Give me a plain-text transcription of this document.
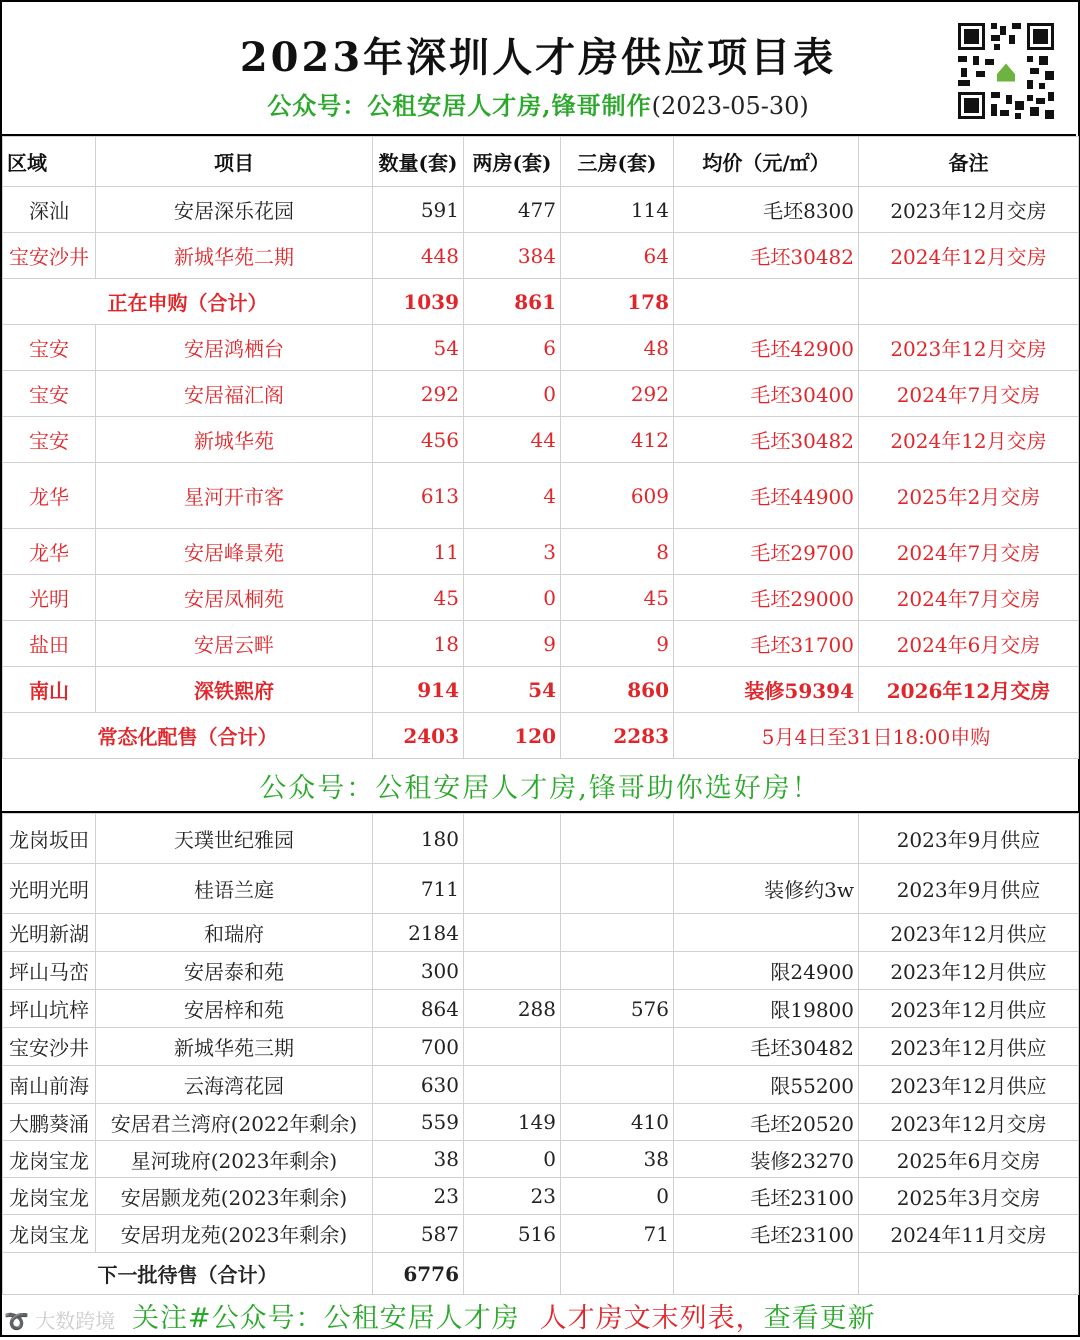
2023年深圳人才房供应项目表
公众号：公租安居人才房,锋哥制作(2023-05-30)
区域	项目	数量(套)	两房(套)	三房(套)	均价（元/㎡）	备注
深汕	安居深乐花园	591	477	114	毛坯8300	2023年12月交房
宝安沙井	新城华苑二期	448	384	64	毛坯30482	2024年12月交房
正在申购（合计）		1039	861	178		
宝安	安居鸿栖台	54	6	48	毛坯42900	2023年12月交房
宝安	安居福汇阁	292	0	292	毛坯30400	2024年7月交房
宝安	新城华苑	456	44	412	毛坯30482	2024年12月交房
龙华	星河开市客	613	4	609	毛坯44900	2025年2月交房
龙华	安居峰景苑	11	3	8	毛坯29700	2024年7月交房
光明	安居凤桐苑	45	0	45	毛坯29000	2024年7月交房
盐田	安居云畔	18	9	9	毛坯31700	2024年6月交房
南山	深铁熙府	914	54	860	装修59394	2026年12月交房
常态化配售（合计）		2403	120	2283	5月4日至31日18:00申购	
公众号：公租安居人才房,锋哥助你选好房！
龙岗坂田	天璞世纪雅园	180				2023年9月供应
光明光明	桂语兰庭	711			装修约3w	2023年9月供应
光明新湖	和瑞府	2184				2023年12月供应
坪山马峦	安居泰和苑	300			限24900	2023年12月供应
坪山坑梓	安居梓和苑	864	288	576	限19800	2023年12月供应
宝安沙井	新城华苑三期	700			毛坯30482	2023年12月供应
南山前海	云海湾花园	630			限55200	2023年12月供应
大鹏葵涌	安居君兰湾府(2022年剩余)	559	149	410	毛坯20520	2023年12月交房
龙岗宝龙	星河珑府(2023年剩余)	38	0	38	装修23270	2025年6月交房
龙岗宝龙	安居颢龙苑(2023年剩余)	23	23	0	毛坯23100	2025年3月交房
龙岗宝龙	安居玥龙苑(2023年剩余)	587	516	71	毛坯23100	2024年11月交房
下一批待售（合计）		6776				
➰ 大数跨境 关注#公众号：公租安居人才房 人才房文末列表，查看更新
